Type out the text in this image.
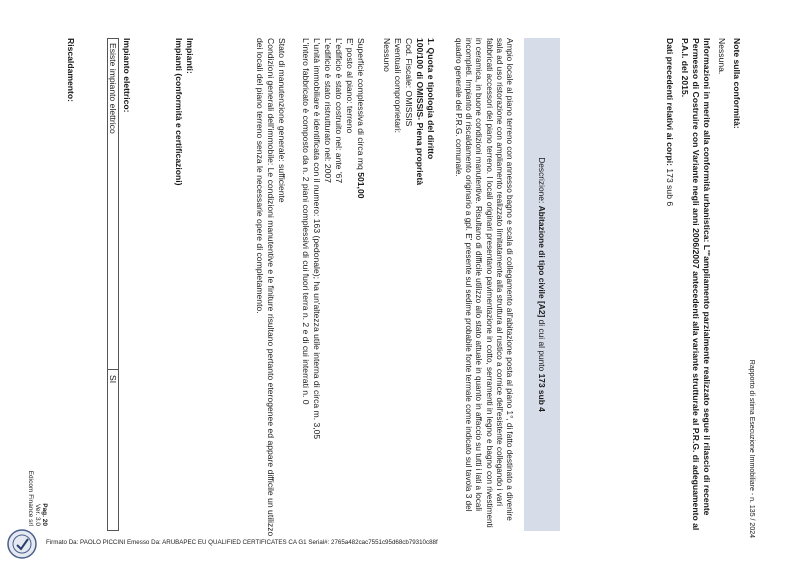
Rapporto di stima Esecuzione Immobiliare - n. 135 / 2024
Note sulla conformità:
Nessuna.
Informazioni in merito alla conformità urbanistica: L'"ampliamento parzialmente realizzato segue il rilascio di recente Permesso di Costruire con Variante negli anni 2006/2007 antecedenti alla variante strutturale al P.R.G. di adeguamento al P.A.I. del 2015.
Dati precedenti relativi ai corpi: 173 sub 6
Descrizione: Abitazione di tipo civile [A2] di cui al punto 173 sub 4
Ampio locale al piano terreno con annesso bagno e scala di collegamento all'abitazione posta al piano 1°, di fatto destinato a divenire sala ad uso ristorazione con ampliamento realizzato limitatamente alla struttura al rustico a cornice dell'esistente collegando i vari fabbricati accessori del piano terreno. I locali originari presentano pavimentazione in cotto, serramenti in legno e bagno con rivestimenti in ceramica, in buone condizioni manutentive. Risultano di difficile utilizzo allo stato attuale in quanto in affaccio su tutti i lati a locali incompleti. Impianto di riscaldamento originario a gpl. E' presente sul sedime probabile fonte termale come indicato sul tavola 3 del quadro generale del P.R.G. comunale.
1. Quota e tipologia del diritto
100/100 di OMISSIS- Piena proprietà
Cod. Fiscale: OMISSIS
Eventuali comproprietari:
Nessuno
Superficie complessiva di circa mq 501,00
E' posto al piano: terreno
L'edificio è stato costruito nel: ante '67
L'edificio è stato ristrutturato nel: 2007
L'unità immobiliare è identificata con il numero: 163 (pedonale); ha un'altezza utile interna di circa m. 3,05
L'intero fabbricato è composto da n. 2 piani complessivi di cui fuori terra n. 2 e di cui interrati n. 0
Stato di manutenzione generale: sufficiente
Condizioni generali dell'immobile: Le condizioni manutentive e le finiture risultano pertanto eterogenee ed appare difficile un utilizzo dei locali del piano terreno senza le necessarie opere di completamento.
Impianti:
Impianti (conformità e certificazioni)
Impianto elettrico:
Esiste impianto elettrico
SI
Riscaldamento:
Pag. 20
Ver. 3.0
Edicom Finance srl
Firmato Da: PAOLO PICCINI Emesso Da: ARUBAPEC EU QUALIFIED CERTIFICATES CA G1 Serial#: 2765a482cac7551c95d68cb79310c88f
